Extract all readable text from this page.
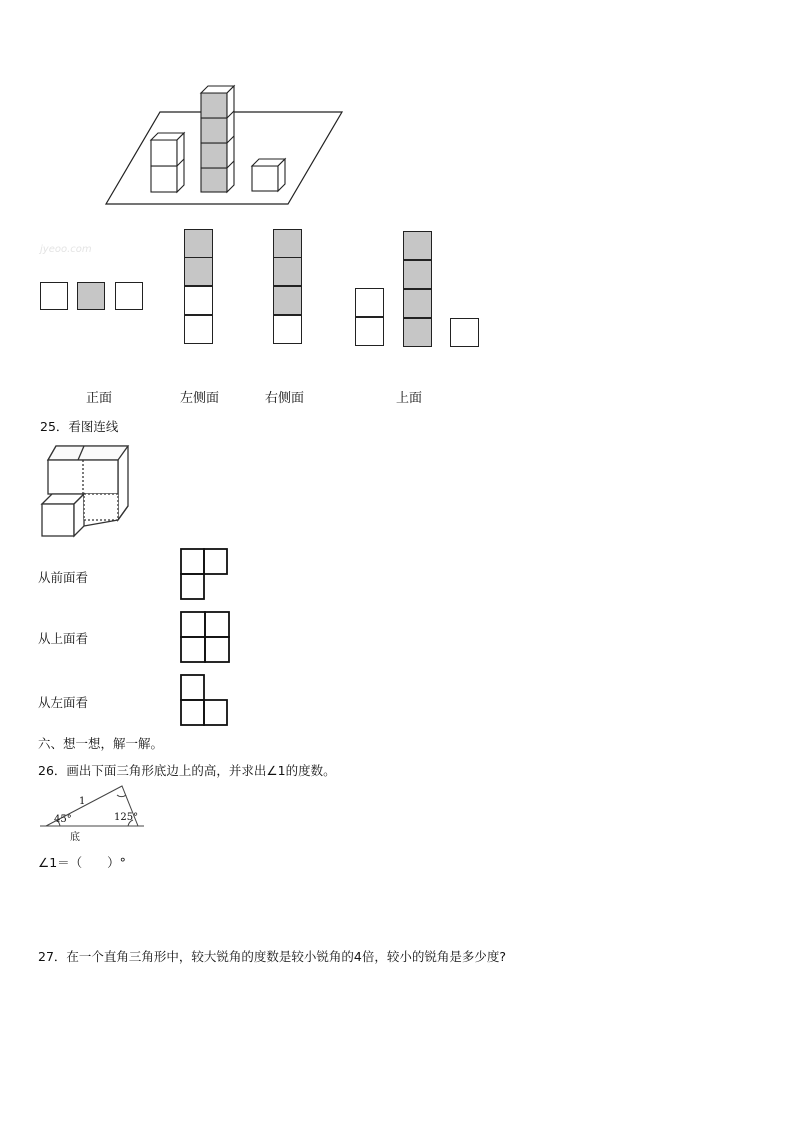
jyeoo.com
正面	左侧面	右侧面	上面
25．看图连线
从前面看
从上面看
从左面看
六、想一想，解一解。
26．画出下面三角形底边上的高，并求出∠1的度数。
1
45°	125°
底
∠1＝（　　）°
27．在一个直角三角形中，较大锐角的度数是较小锐角的4倍，较小的锐角是多少度?
